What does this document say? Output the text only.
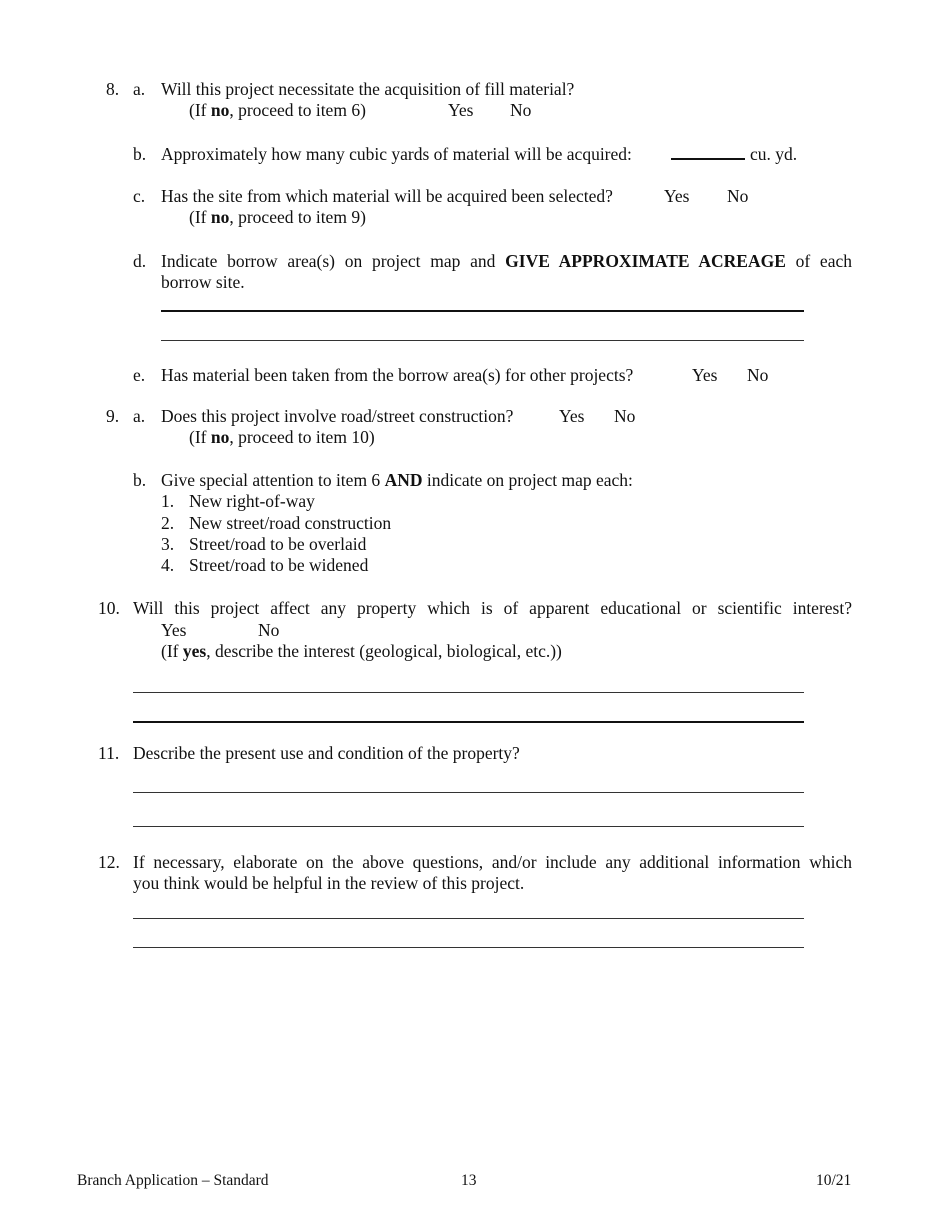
8. a. Will this project necessitate the acquisition of fill material?
(If no, proceed to item 6)	Yes No
b. Approximately how many cubic yards of material will be acquired:	cu. yd.
c. Has the site from which material will be acquired been selected?	Yes No
(If no, proceed to item 9)
d. Indicate borrow area(s) on project map and GIVE APPROXIMATE ACREAGE of each
borrow site.
e. Has material been taken from the borrow area(s) for other projects?	Yes No
9. a. Does this project involve road/street construction?	Yes No
(If no, proceed to item 10)
b. Give special attention to item 6 AND indicate on project map each:
1. New right-of-way
2. New street/road construction
3. Street/road to be overlaid
4. Street/road to be widened
10. Will this project affect any property which is of apparent educational or scientific interest?
Yes	No
(If yes, describe the interest (geological, biological, etc.))
11. Describe the present use and condition of the property?
12. If necessary, elaborate on the above questions, and/or include any additional information which
you think would be helpful in the review of this project.
Branch Application – Standard	13	10/21
